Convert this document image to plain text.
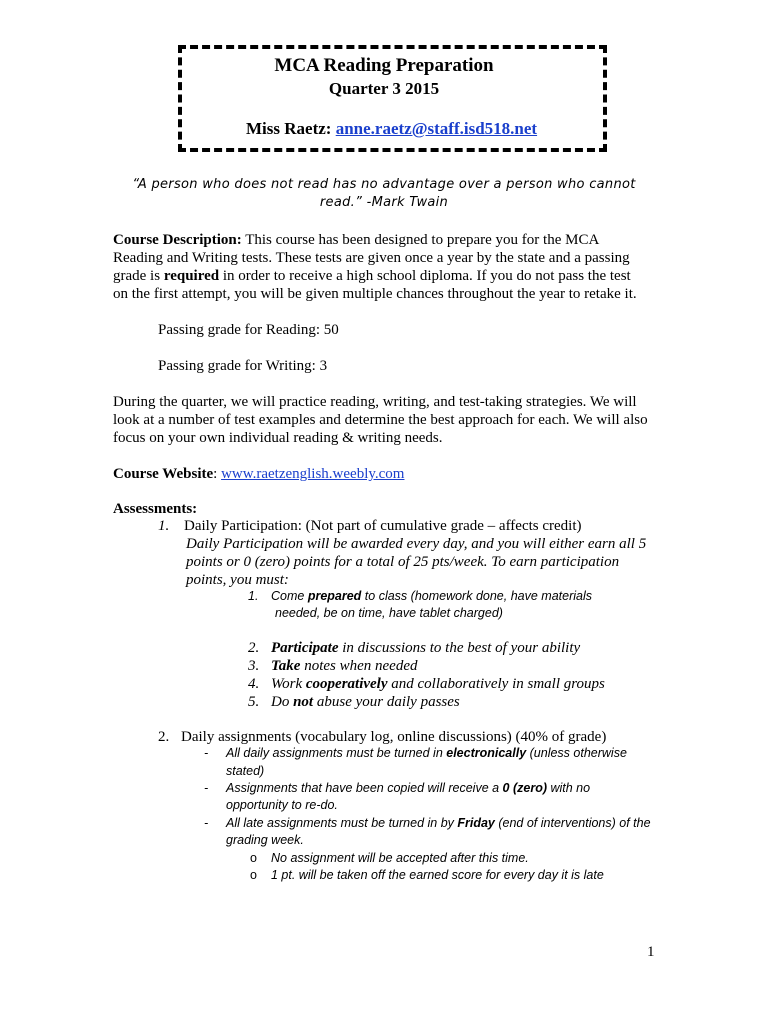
MCA Reading Preparation
Quarter 3 2015
Miss Raetz: anne.raetz@staff.isd518.net
“A person who does not read has no advantage over a person who cannot
read.” -Mark Twain
Course Description: This course has been designed to prepare you for the MCA
Reading and Writing tests. These tests are given once a year by the state and a passing
grade is required in order to receive a high school diploma. If you do not pass the test
on the first attempt, you will be given multiple chances throughout the year to retake it.
Passing grade for Reading: 50
Passing grade for Writing: 3
During the quarter, we will practice reading, writing, and test-taking strategies. We will
look at a number of test examples and determine the best approach for each. We will also
focus on your own individual reading & writing needs.
Course Website: www.raetzenglish.weebly.com
Assessments:
1. Daily Participation: (Not part of cumulative grade – affects credit)
Daily Participation will be awarded every day, and you will either earn all 5
points or 0 (zero) points for a total of 25 pts/week. To earn participation
points, you must:
1. Come prepared to class (homework done, have materials
needed, be on time, have tablet charged)
2. Participate in discussions to the best of your ability
3. Take notes when needed
4. Work cooperatively and collaboratively in small groups
5. Do not abuse your daily passes
2. Daily assignments (vocabulary log, online discussions) (40% of grade)
- All daily assignments must be turned in electronically (unless otherwise
stated)
- Assignments that have been copied will receive a 0 (zero) with no
opportunity to re-do.
- All late assignments must be turned in by Friday (end of interventions) of the
grading week.
o No assignment will be accepted after this time.
o 1 pt. will be taken off the earned score for every day it is late
1
